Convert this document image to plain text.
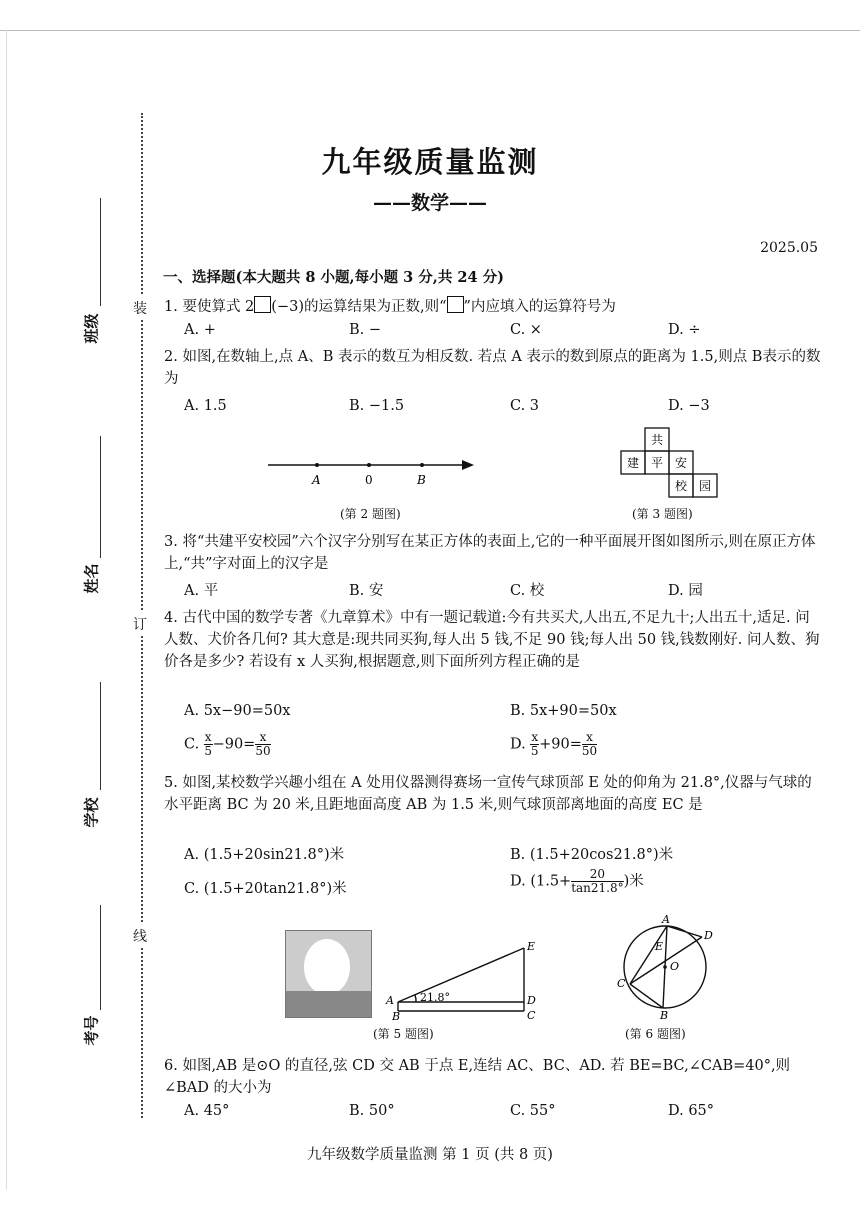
装
订
线
班级
姓名
学校
考号
九年级质量监测
——数学——
2025.05
一、选择题(本大题共 8 小题,每小题 3 分,共 24 分)
1. 要使算式 2 (−3)的运算结果为正数,则“ ”内应填入的运算符号为
A. +	B. −	C. ×	D. ÷
2. 如图,在数轴上,点 A、B 表示的数互为相反数. 若点 A 表示的数到原点的距离为 1.5,则点 B表示的数为
A. 1.5	B. −1.5	C. 3	D. −3
A	0	B
(第 2 题图)
共
建 平 安
校 园
(第 3 题图)
3. 将“共建平安校园”六个汉字分别写在某正方体的表面上,它的一种平面展开图如图所示,则在原正方体上,“共”字对面上的汉字是
A. 平	B. 安	C. 校	D. 园
4. 古代中国的数学专著《九章算术》中有一题记载道:今有共买犬,人出五,不足九十;人出五十,适足. 问人数、犬价各几何? 其大意是:现共同买狗,每人出 5 钱,不足 90 钱;每人出 50 钱,钱数刚好. 问人数、狗价各是多少? 若设有 x 人买狗,根据题意,则下面所列方程正确的是
A. 5x−90=50x	B. 5x+90=50x
C. $\frac{x}{5} -90= \frac{x}{50}$	D. $\frac{x}{5} +90= \frac{x}{50}$
5. 如图,某校数学兴趣小组在 A 处用仪器测得赛场一宣传气球顶部 E 处的仰角为 21.8°,仪器与气球的水平距离 BC 为 20 米,且距地面高度 AB 为 1.5 米,则气球顶部离地面的高度 EC 是
A. (1.5+20sin21.8°)米	B. (1.5+20cos21.8°)米
C. (1.5+20tan21.8°)米	D. ($1.5+ \frac{20}{\tan 21.8^\circ}$ )米
21.8°
A
B	C
D
E
(第 5 题图)
A
B
C
D
E
O
(第 6 题图)
6. 如图,AB 是⊙O 的直径,弦 CD 交 AB 于点 E,连结 AC、BC、AD. 若 BE=BC,∠CAB=40°,则∠BAD 的大小为
A. 45°	B. 50°	C. 55°	D. 65°
九年级数学质量监测 第 1 页 (共 8 页)
